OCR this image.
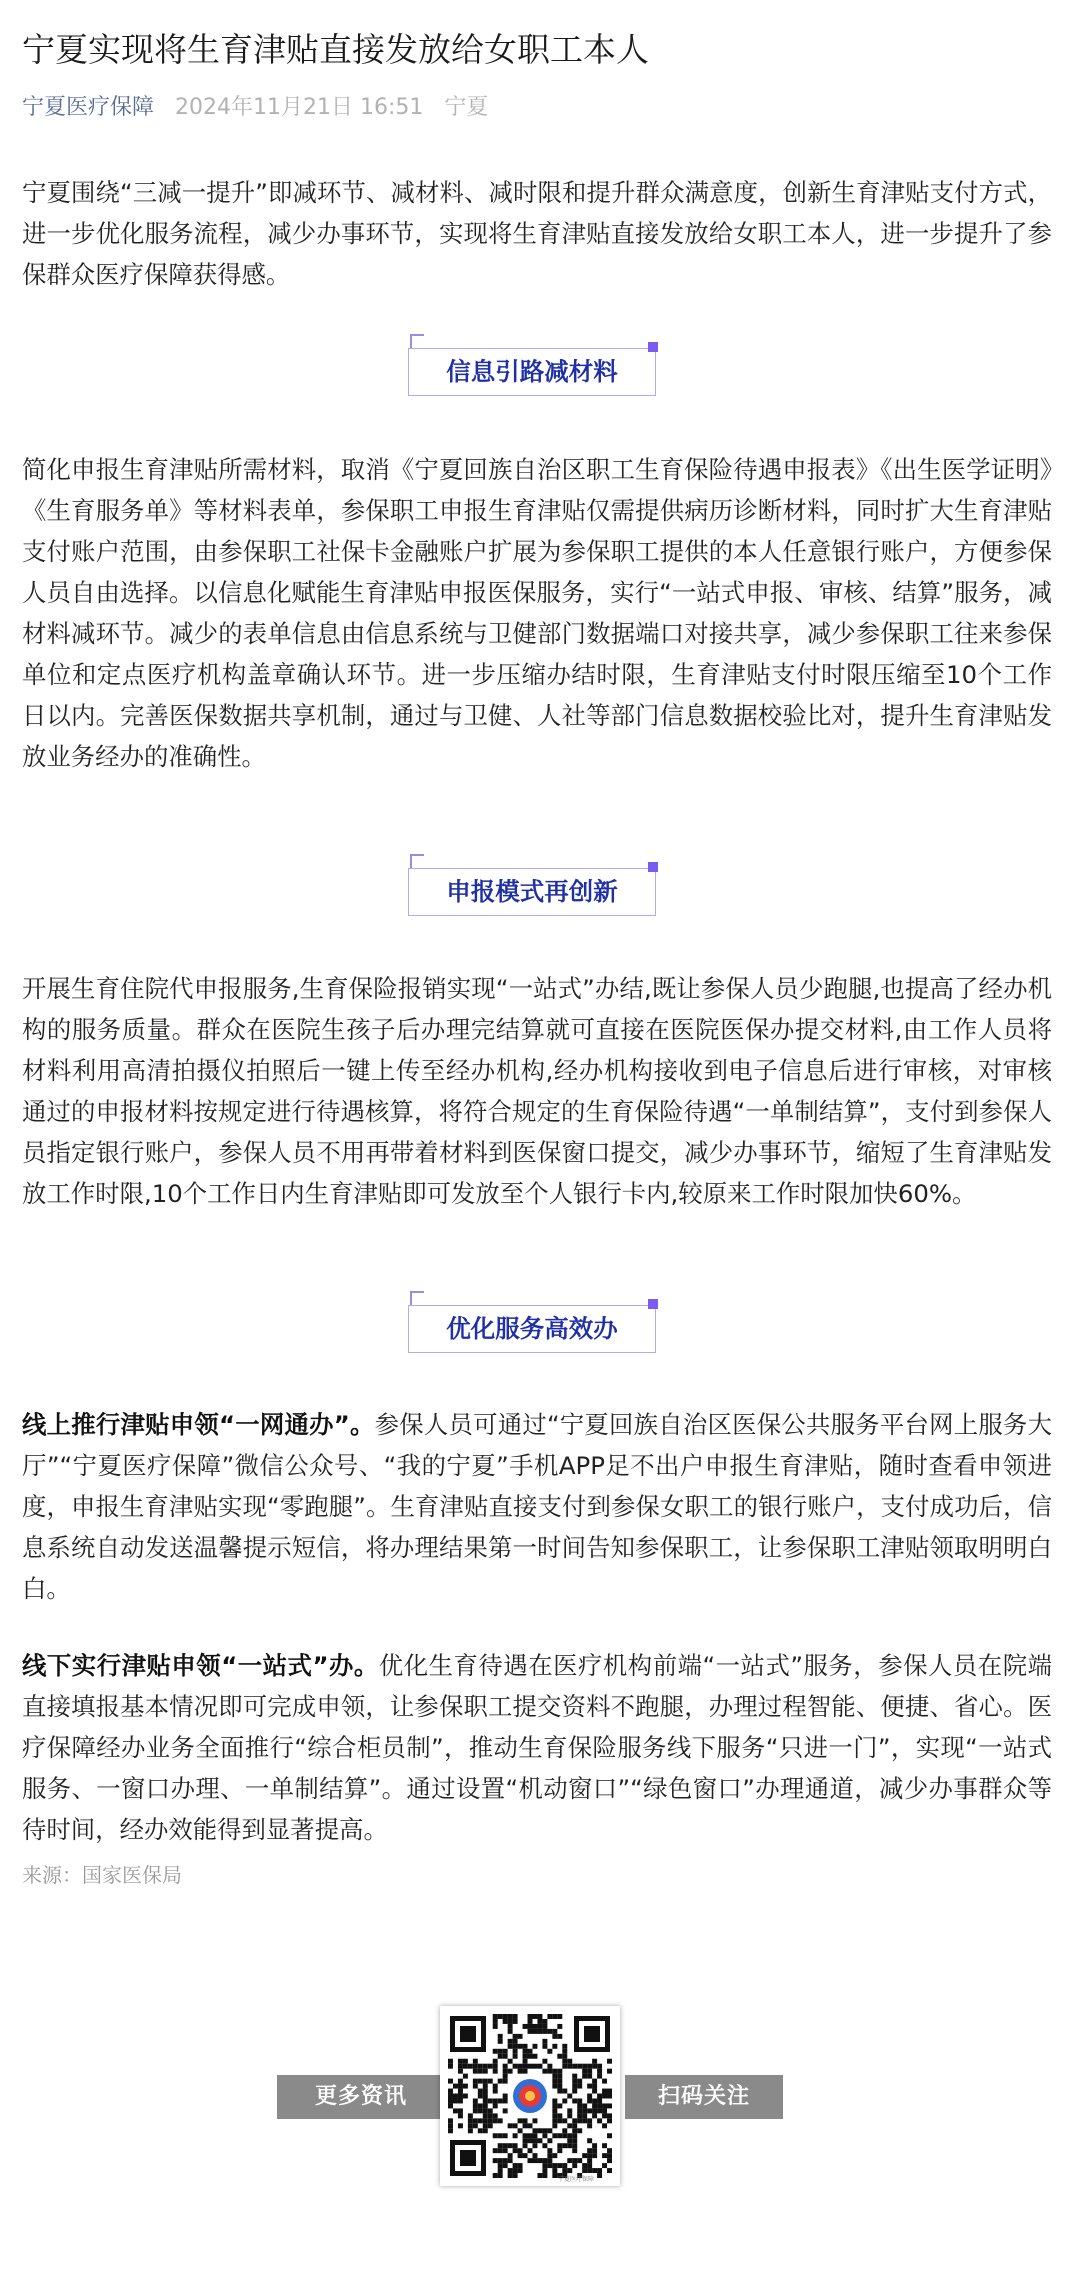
宁夏实现将生育津贴直接发放给女职工本人
宁夏医疗保障 2024年11月21日 16:51 宁夏

宁夏围绕“三减一提升”即减环节、减材料、减时限和提升群众满意度，创新生育津贴支付方式，进一步优化服务流程，减少办事环节，实现将生育津贴直接发放给女职工本人，进一步提升了参保群众医疗保障获得感。

信息引路减材料

简化申报生育津贴所需材料，取消《宁夏回族自治区职工生育保险待遇申报表》《出生医学证明》《生育服务单》等材料表单，参保职工申报生育津贴仅需提供病历诊断材料，同时扩大生育津贴支付账户范围，由参保职工社保卡金融账户扩展为参保职工提供的本人任意银行账户，方便参保人员自由选择。以信息化赋能生育津贴申报医保服务，实行“一站式申报、审核、结算”服务，减材料减环节。减少的表单信息由信息系统与卫健部门数据端口对接共享，减少参保职工往来参保单位和定点医疗机构盖章确认环节。进一步压缩办结时限，生育津贴支付时限压缩至10个工作日以内。完善医保数据共享机制，通过与卫健、人社等部门信息数据校验比对，提升生育津贴发放业务经办的准确性。

申报模式再创新

开展生育住院代申报服务,生育保险报销实现“一站式”办结,既让参保人员少跑腿,也提高了经办机构的服务质量。群众在医院生孩子后办理完结算就可直接在医院医保办提交材料,由工作人员将材料利用高清拍摄仪拍照后一键上传至经办机构,经办机构接收到电子信息后进行审核，对审核通过的申报材料按规定进行待遇核算，将符合规定的生育保险待遇“一单制结算”，支付到参保人员指定银行账户，参保人员不用再带着材料到医保窗口提交，减少办事环节，缩短了生育津贴发放工作时限,10个工作日内生育津贴即可发放至个人银行卡内,较原来工作时限加快60%。

优化服务高效办

线上推行津贴申领“一网通办”。参保人员可通过“宁夏回族自治区医保公共服务平台网上服务大厅”“宁夏医疗保障”微信公众号、“我的宁夏”手机APP足不出户申报生育津贴，随时查看申领进度，申报生育津贴实现“零跑腿”。生育津贴直接支付到参保女职工的银行账户，支付成功后，信息系统自动发送温馨提示短信，将办理结果第一时间告知参保职工，让参保职工津贴领取明明白白。

线下实行津贴申领“一站式”办。优化生育待遇在医疗机构前端“一站式”服务，参保人员在院端直接填报基本情况即可完成申领，让参保职工提交资料不跑腿，办理过程智能、便捷、省心。医疗保障经办业务全面推行“综合柜员制”，推动生育保险服务线下服务“只进一门”，实现“一站式服务、一窗口办理、一单制结算”。通过设置“机动窗口”“绿色窗口”办理通道，减少办事群众等待时间，经办效能得到显著提高。

来源：国家医保局
更多资讯	扫码关注
宁夏医疗保障
